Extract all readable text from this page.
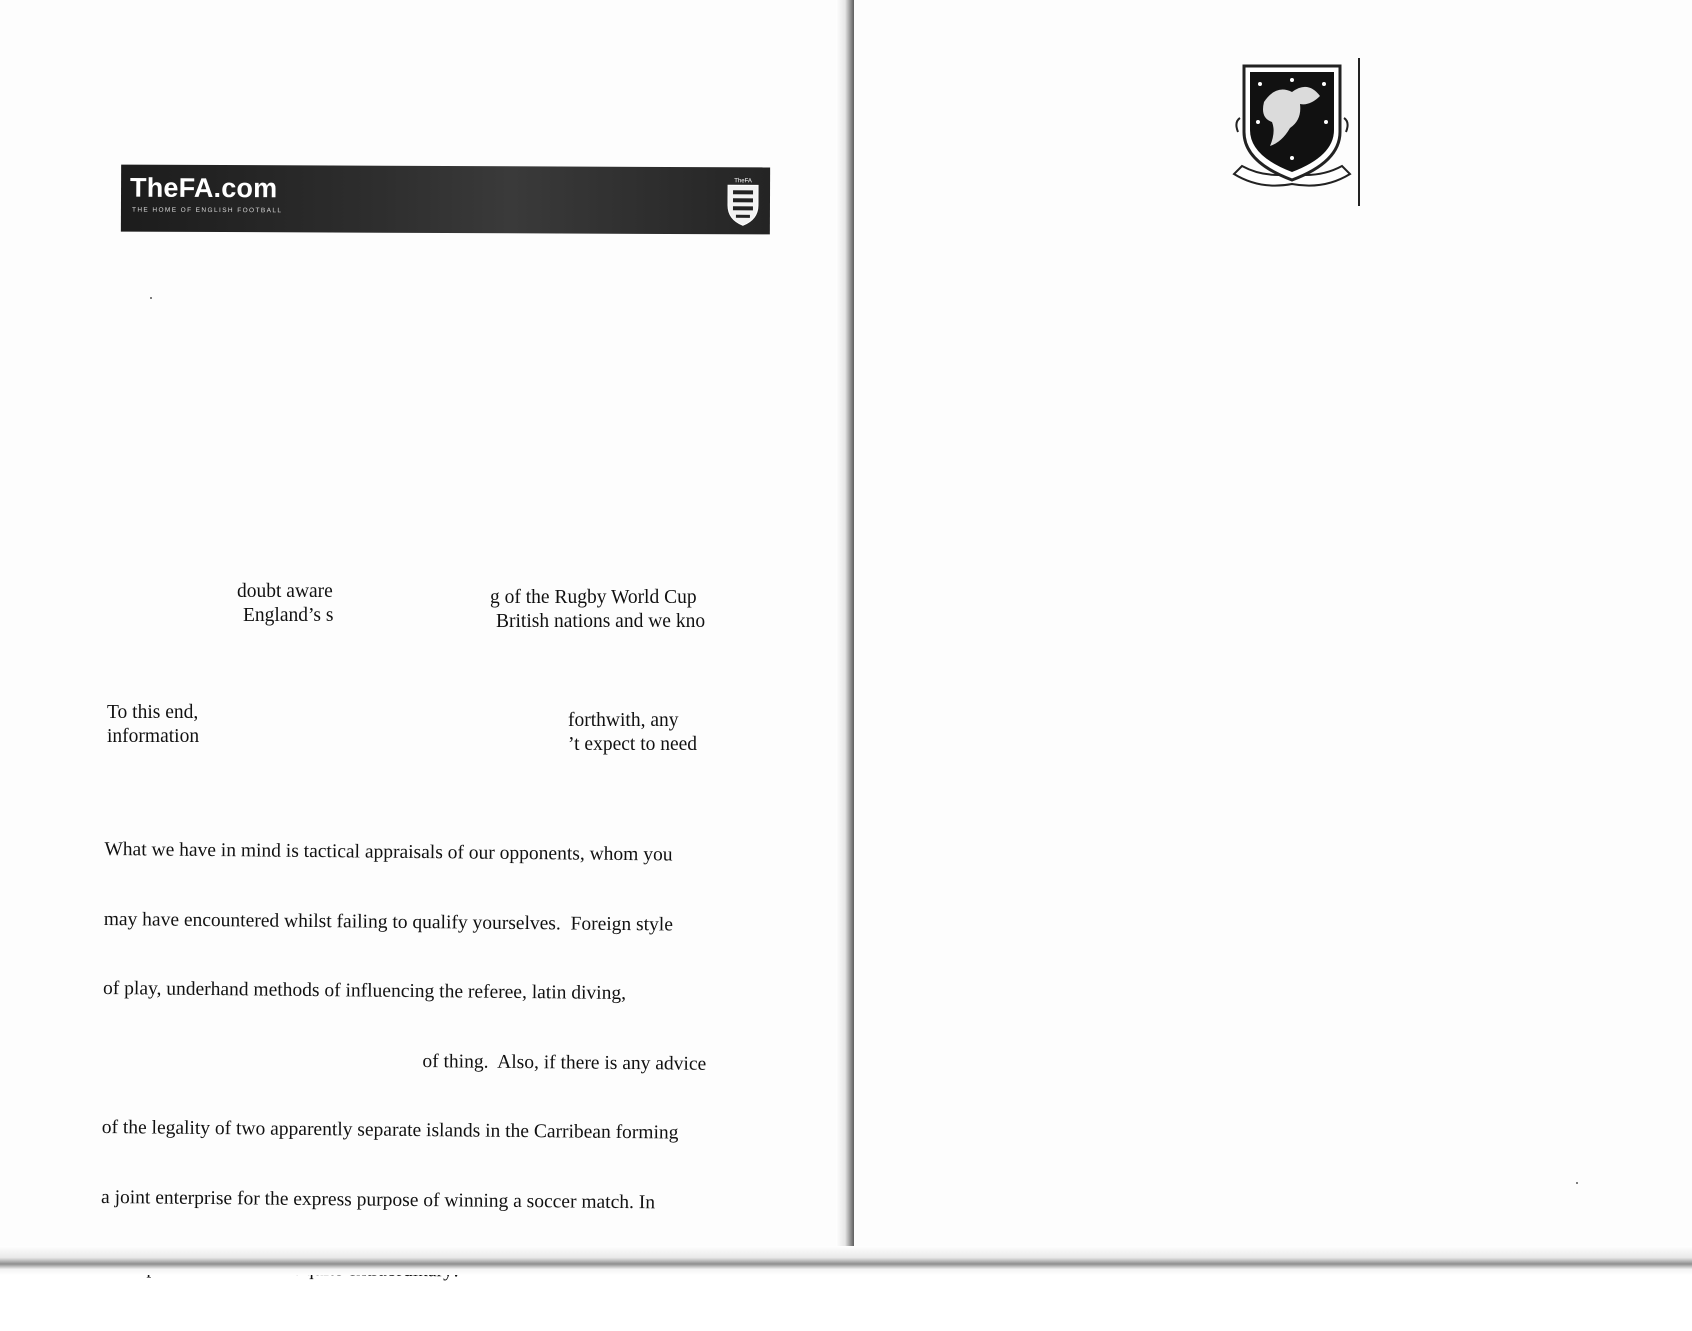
TheFA.com
THE HOME OF ENGLISH FOOTBALL
TheFA
doubt aware
England’s s
g of the Rugby World Cup
British nations and we kno
To this end,
information
forthwith, any
’t expect to need

What we have in mind is tactical appraisals of our opponents, whom you

may have encountered whilst failing to qualify yourselves.  Foreign style

of play, underhand methods of influencing the referee, latin diving,

of thing.  Also, if there is any advice

of the legality of two apparently separate islands in the Carribean forming

a joint enterprise for the express purpose of winning a soccer match. In
